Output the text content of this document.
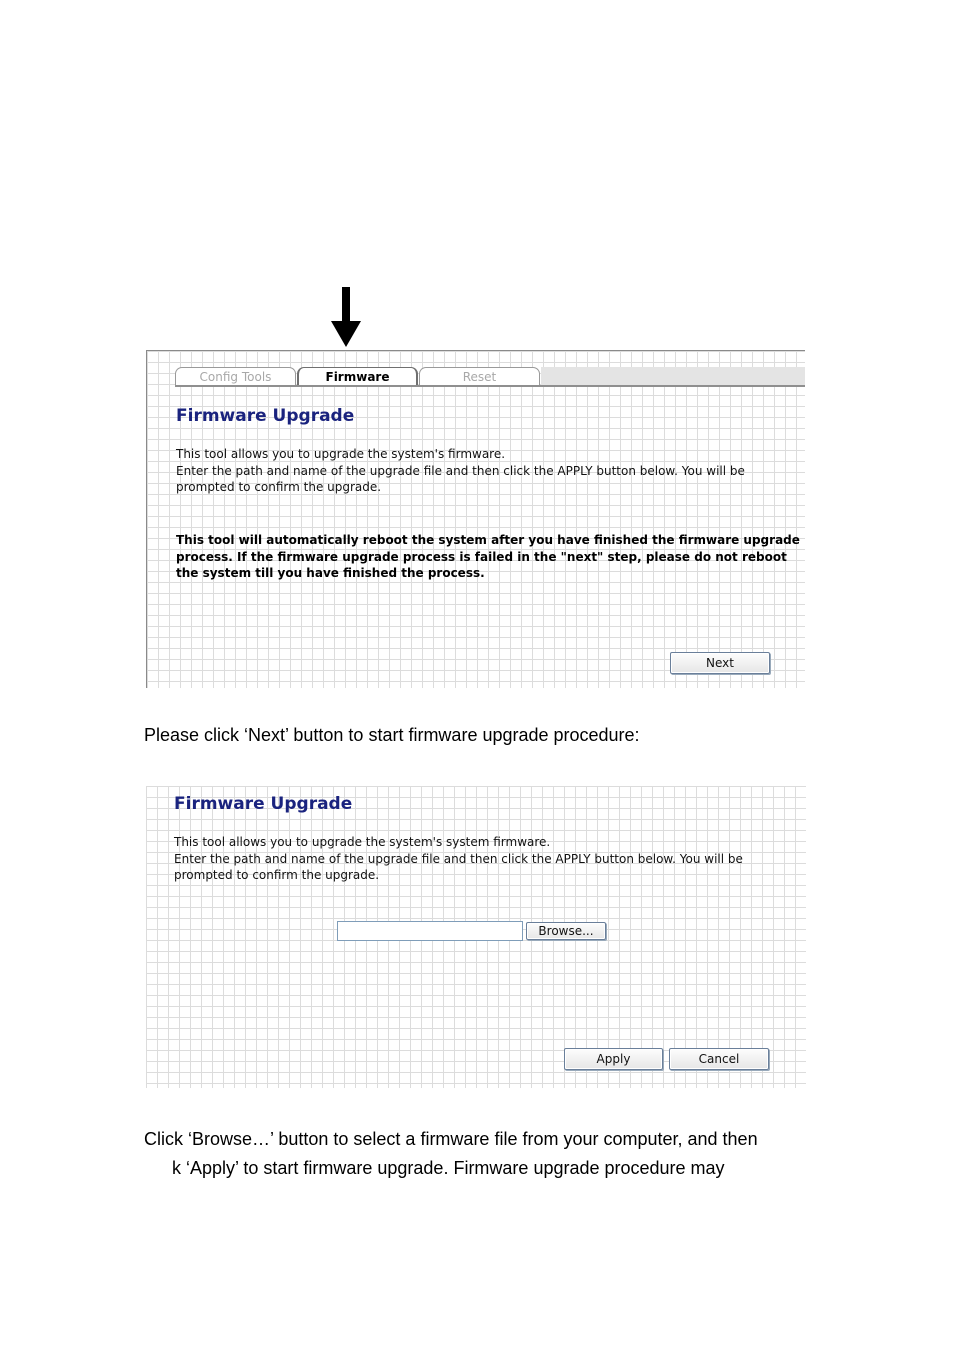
Config Tools	Firmware	Reset
Firmware Upgrade
This tool allows you to upgrade the system's firmware.
Enter the path and name of the upgrade file and then click the APPLY button below. You will be
prompted to confirm the upgrade.
This tool will automatically reboot the system after you have finished the firmware upgrade
process. If the firmware upgrade process is failed in the "next" step, please do not reboot
the system till you have finished the process.
Next
Please click ‘Next’ button to start firmware upgrade procedure:
Firmware Upgrade
This tool allows you to upgrade the system's system firmware.
Enter the path and name of the upgrade file and then click the APPLY button below. You will be
prompted to confirm the upgrade.
Browse...
Apply	Cancel
Click ‘Browse…’ button to select a firmware file from your computer, and then
k ‘Apply’ to start firmware upgrade. Firmware upgrade procedure may
